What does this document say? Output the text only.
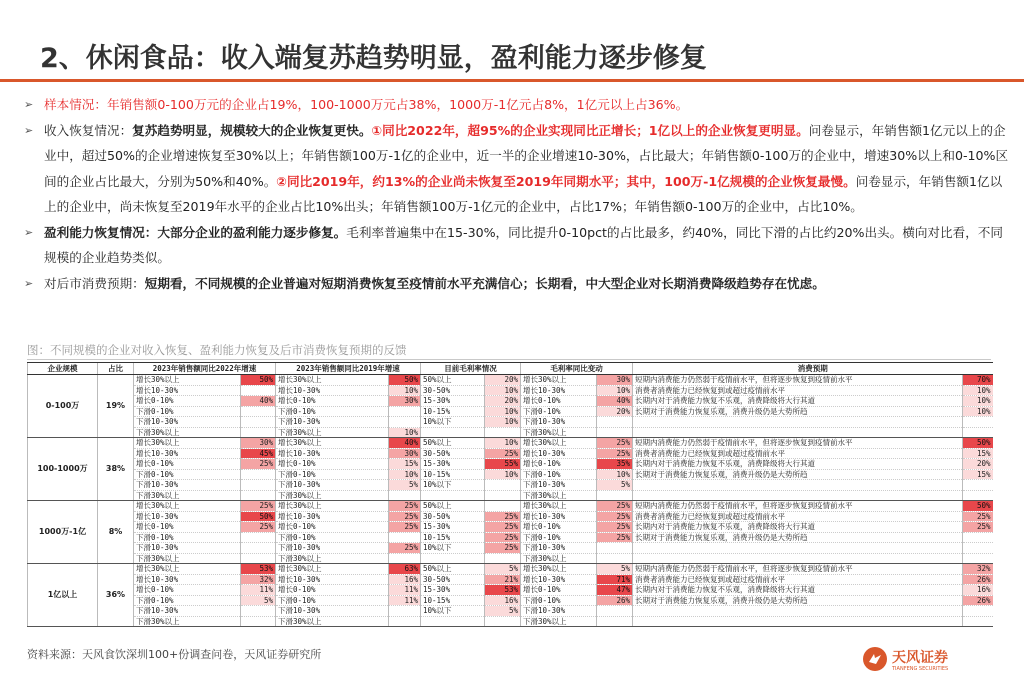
2、休闲食品：收入端复苏趋势明显，盈利能力逐步修复
➢ 样本情况：年销售额0-100万元的企业占19%，100-1000万元占38%，1000万-1亿元占8%，1亿元以上占36%。
➢ 收入恢复情况：复苏趋势明显，规模较大的企业恢复更快。①同比2022年，超95%的企业实现同比正增长；1亿以上的企业恢复更明显。问卷显示，年销售额1亿元以上的企业中，超过50%的企业增速恢复至30%以上；年销售额100万-1亿的企业中，近一半的企业增速10-30%，占比最大；年销售额0-100万的企业中，增速30%以上和0-10%区间的企业占比最大，分别为50%和40%。②同比2019年，约13%的企业尚未恢复至2019年同期水平；其中，100万-1亿规模的企业恢复最慢。问卷显示，年销售额1亿以上的企业中，尚未恢复至2019年水平的企业占比10%出头；年销售额100万-1亿元的企业中，占比17%；年销售额0-100万的企业中，占比10%。
➢ 盈利能力恢复情况：大部分企业的盈利能力逐步修复。毛利率普遍集中在15-30%，同比提升0-10pct的占比最多，约40%，同比下滑的占比约20%出头。横向对比看，不同规模的企业趋势类似。
➢ 对后市消费预期：短期看，不同规模的企业普遍对短期消费恢复至疫情前水平充满信心；长期看，中大型企业对长期消费降级趋势存在忧虑。
图：不同规模的企业对收入恢复、盈利能力恢复及后市消费恢复预期的反馈
企业规模	占比	2023年销售额同比2022年增速		2023年销售额同比2019年增速		目前毛利率情况		毛利率同比变动		消费预期	
0-100万	19%	增长30%以上	50%	增长30%以上	50%	50%以上	20%	增长30%以上	30%	短期内消费能力仍然弱于疫情前水平，但将逐步恢复到疫情前水平	70%
		增长10-30%		增长10-30%	10%	30-50%	10%	增长10-30%	10%	消费者消费能力已经恢复到或超过疫情前水平	10%
		增长0-10%	40%	增长0-10%	30%	15-30%	20%	增长0-10%	40%	长期内对于消费能力恢复不乐观，消费降级将大行其道	10%
		下滑0-10%		下滑0-10%		10-15%	10%	下滑0-10%	20%	长期对于消费能力恢复乐观，消费升级仍是大势所趋	10%
		下滑10-30%		下滑10-30%		10%以下	10%	下滑10-30%			
		下滑30%以上		下滑30%以上	10%			下滑30%以上			
100-1000万	38%	增长30%以上	30%	增长30%以上	40%	50%以上	10%	增长30%以上	25%	短期内消费能力仍然弱于疫情前水平，但将逐步恢复到疫情前水平	50%
		增长10-30%	45%	增长10-30%	30%	30-50%	25%	增长10-30%	25%	消费者消费能力已经恢复到或超过疫情前水平	15%
		增长0-10%	25%	增长0-10%	15%	15-30%	55%	增长0-10%	35%	长期内对于消费能力恢复不乐观，消费降级将大行其道	20%
		下滑0-10%		下滑0-10%	10%	10-15%	10%	下滑0-10%	10%	长期对于消费能力恢复乐观，消费升级仍是大势所趋	15%
		下滑10-30%		下滑10-30%	5%	10%以下		下滑10-30%	5%		
		下滑30%以上		下滑30%以上				下滑30%以上			
1000万-1亿	8%	增长30%以上	25%	增长30%以上	25%	50%以上		增长30%以上	25%	短期内消费能力仍然弱于疫情前水平，但将逐步恢复到疫情前水平	50%
		增长10-30%	50%	增长10-30%	25%	30-50%	25%	增长10-30%	25%	消费者消费能力已经恢复到或超过疫情前水平	25%
		增长0-10%	25%	增长0-10%	25%	15-30%	25%	增长0-10%	25%	长期内对于消费能力恢复不乐观，消费降级将大行其道	25%
		下滑0-10%		下滑0-10%		10-15%	25%	下滑0-10%	25%	长期对于消费能力恢复乐观，消费升级仍是大势所趋	
		下滑10-30%		下滑10-30%	25%	10%以下	25%	下滑10-30%			
		下滑30%以上		下滑30%以上				下滑30%以上			
1亿以上	36%	增长30%以上	53%	增长30%以上	63%	50%以上	5%	增长30%以上	5%	短期内消费能力仍然弱于疫情前水平，但将逐步恢复到疫情前水平	32%
		增长10-30%	32%	增长10-30%	16%	30-50%	21%	增长10-30%	71%	消费者消费能力已经恢复到或超过疫情前水平	26%
		增长0-10%	11%	增长0-10%	11%	15-30%	53%	增长0-10%	47%	长期内对于消费能力恢复不乐观，消费降级将大行其道	16%
		下滑0-10%	5%	下滑0-10%	11%	10-15%	16%	下滑0-10%	26%	长期对于消费能力恢复乐观，消费升级仍是大势所趋	26%
		下滑10-30%		下滑10-30%		10%以下	5%	下滑10-30%			
		下滑30%以上		下滑30%以上				下滑30%以上			
资料来源：天风食饮深圳100+份调查问卷，天风证券研究所	天风证券
TIANFENG SECURITIES
